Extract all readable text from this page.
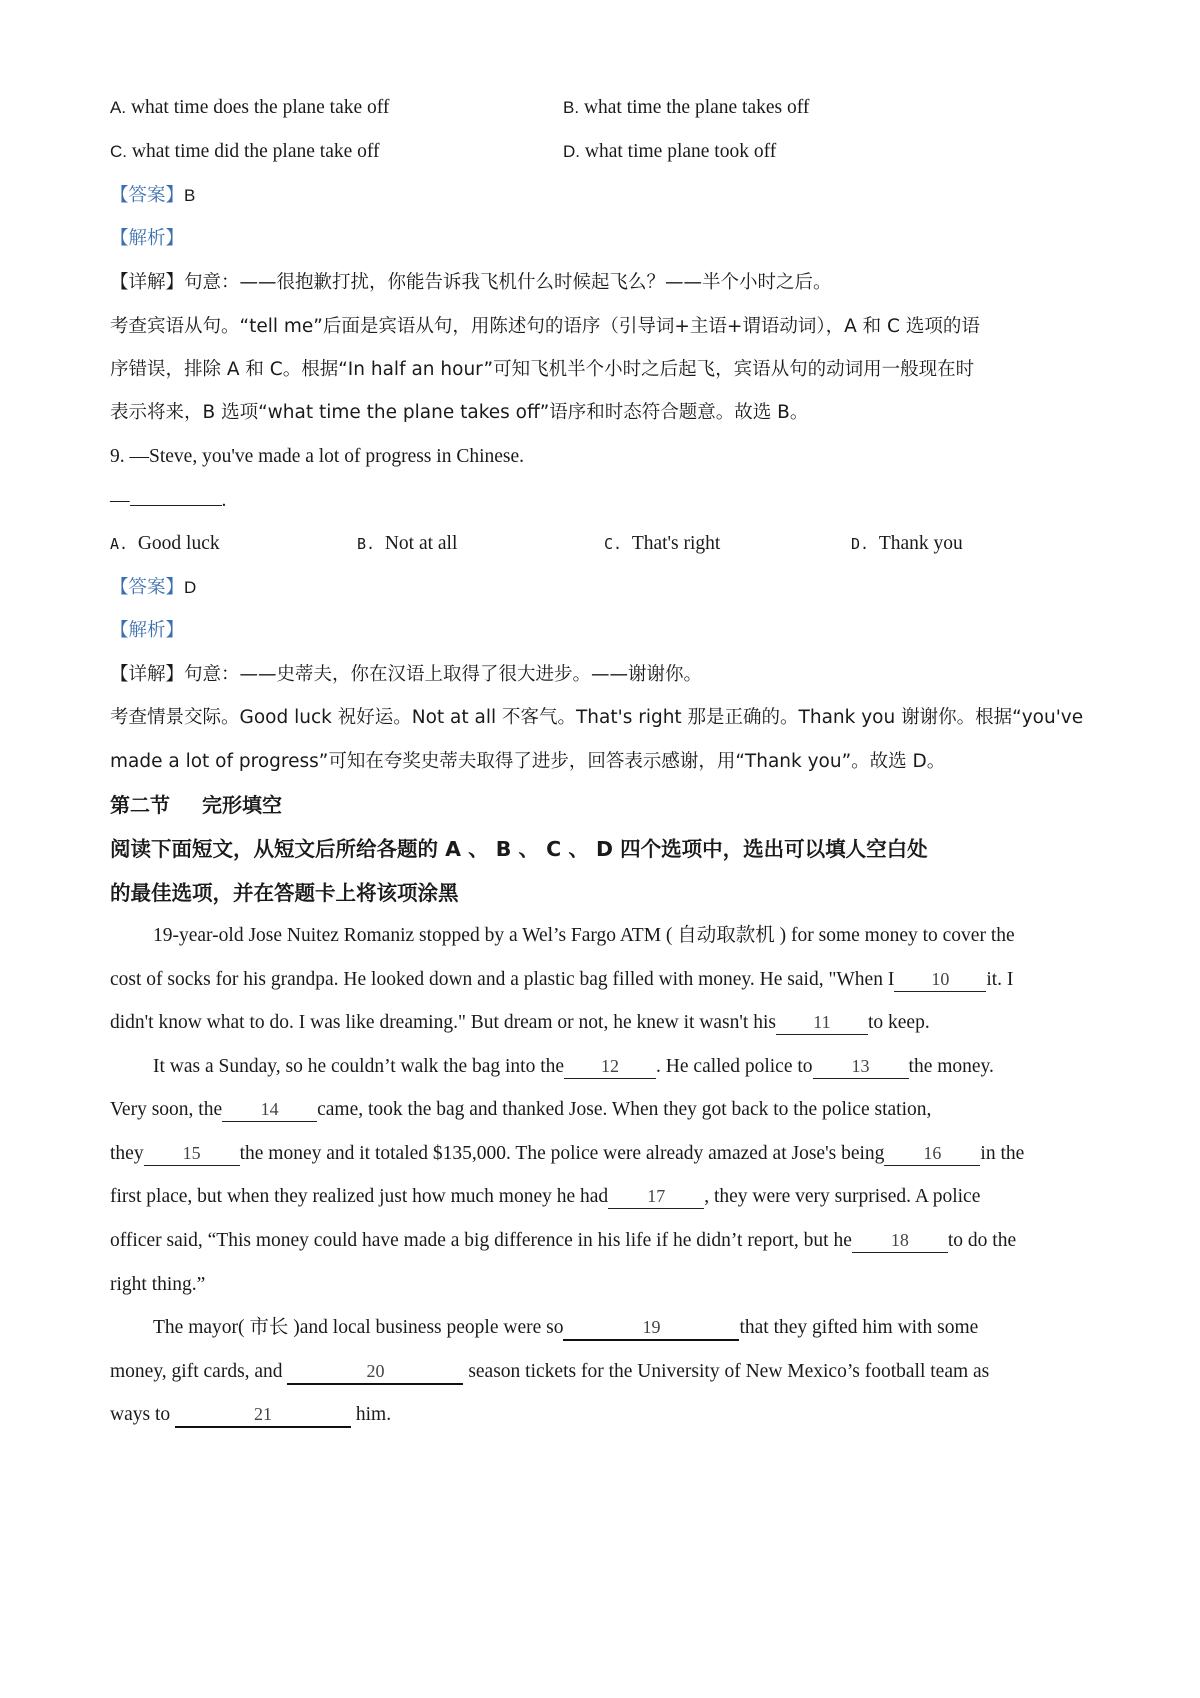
A. what time does the plane take off	B. what time the plane takes off
C. what time did the plane take off	D. what time plane took off
【答案】B
【解析】
【详解】句意：——很抱歉打扰，你能告诉我飞机什么时候起飞么？——半个小时之后。
考查宾语从句。“tell me”后面是宾语从句，用陈述句的语序（引导词+主语+谓语动词），A 和 C 选项的语
序错误，排除 A 和 C。根据“In half an hour”可知飞机半个小时之后起飞，宾语从句的动词用一般现在时
表示将来，B 选项“what time the plane takes off”语序和时态符合题意。故选 B。
9. —Steve, you've made a lot of progress in Chinese.
—	.
A. Good luck	B. Not at all	C. That's right	D. Thank you
【答案】D
【解析】
【详解】句意：——史蒂夫，你在汉语上取得了很大进步。——谢谢你。
考查情景交际。Good luck 祝好运。Not at all 不客气。That's right 那是正确的。Thank you 谢谢你。根据“you've
made a lot of progress”可知在夸奖史蒂夫取得了进步，回答表示感谢，用“Thank you”。故选 D。
第二节 完形填空
阅读下面短文，从短文后所给各题的 A 、 B 、 C 、 D 四个选项中，选出可以填人空白处
的最佳选项，并在答题卡上将该项涂黑
19-year-old Jose Nuitez Romaniz stopped by a Wel’s Fargo ATM ( 自动取款机 ) for some money to cover the
cost of socks for his grandpa. He looked down and a plastic bag filled with money. He said, "When I 10 it. I
didn't know what to do. I was like dreaming." But dream or not, he knew it wasn't his 11 to keep.
It was a Sunday, so he couldn’t walk the bag into the 12 . He called police to 13 the money.
Very soon, the 14 came, took the bag and thanked Jose. When they got back to the police station,
they 15 the money and it totaled $135,000. The police were already amazed at Jose's being 16 in the
first place, but when they realized just how much money he had 17 , they were very surprised. A police
officer said, “This money could have made a big difference in his life if he didn’t report, but he 18 to do the
right thing.”
The mayor( 市长 )and local business people were so	19	that they gifted him with some
money, gift cards, and	20	season tickets for the University of New Mexico’s football team as
ways to	21	him.
